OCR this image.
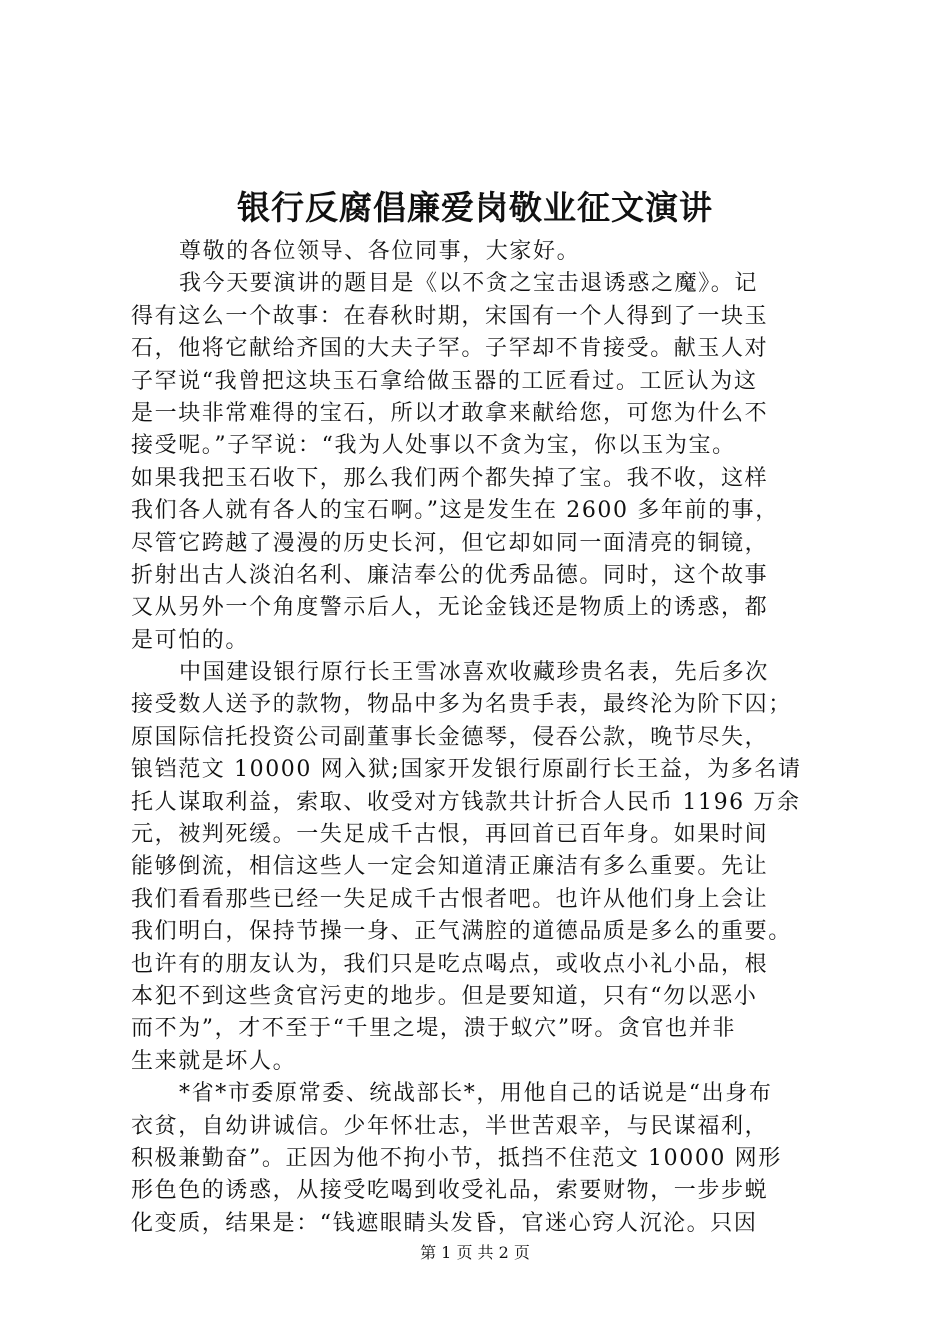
银行反腐倡廉爱岗敬业征文演讲
尊敬的各位领导、各位同事，大家好。
我今天要演讲的题目是《以不贪之宝击退诱惑之魔》。记
得有这么一个故事：在春秋时期，宋国有一个人得到了一块玉
石，他将它献给齐国的大夫子罕。子罕却不肯接受。献玉人对
子罕说“我曾把这块玉石拿给做玉器的工匠看过。工匠认为这
是一块非常难得的宝石，所以才敢拿来献给您，可您为什么不
接受呢。”子罕说：“我为人处事以不贪为宝，你以玉为宝。
如果我把玉石收下，那么我们两个都失掉了宝。我不收，这样
我们各人就有各人的宝石啊。”这是发生在 2600 多年前的事，
尽管它跨越了漫漫的历史长河，但它却如同一面清亮的铜镜，
折射出古人淡泊名利、廉洁奉公的优秀品德。同时，这个故事
又从另外一个角度警示后人，无论金钱还是物质上的诱惑，都
是可怕的。
中国建设银行原行长王雪冰喜欢收藏珍贵名表，先后多次
接受数人送予的款物，物品中多为名贵手表，最终沦为阶下囚；
原国际信托投资公司副董事长金德琴，侵吞公款，晚节尽失，
锒铛范文 10000 网入狱;国家开发银行原副行长王益，为多名请
托人谋取利益，索取、收受对方钱款共计折合人民币 1196 万余
元，被判死缓。一失足成千古恨，再回首已百年身。如果时间
能够倒流，相信这些人一定会知道清正廉洁有多么重要。先让
我们看看那些已经一失足成千古恨者吧。也许从他们身上会让
我们明白，保持节操一身、正气满腔的道德品质是多么的重要。
也许有的朋友认为，我们只是吃点喝点，或收点小礼小品，根
本犯不到这些贪官污吏的地步。但是要知道，只有“勿以恶小
而不为”，才不至于“千里之堤，溃于蚁穴”呀。贪官也并非
生来就是坏人。
*省*市委原常委、统战部长*，用他自己的话说是“出身布
衣贫，自幼讲诚信。少年怀壮志，半世苦艰辛，与民谋福利，
积极兼勤奋”。正因为他不拘小节，抵挡不住范文 10000 网形
形色色的诱惑，从接受吃喝到收受礼品，索要财物，一步步蜕
化变质，结果是：“钱遮眼睛头发昏，官迷心窍人沉沦。只因
第 1 页 共 2 页
